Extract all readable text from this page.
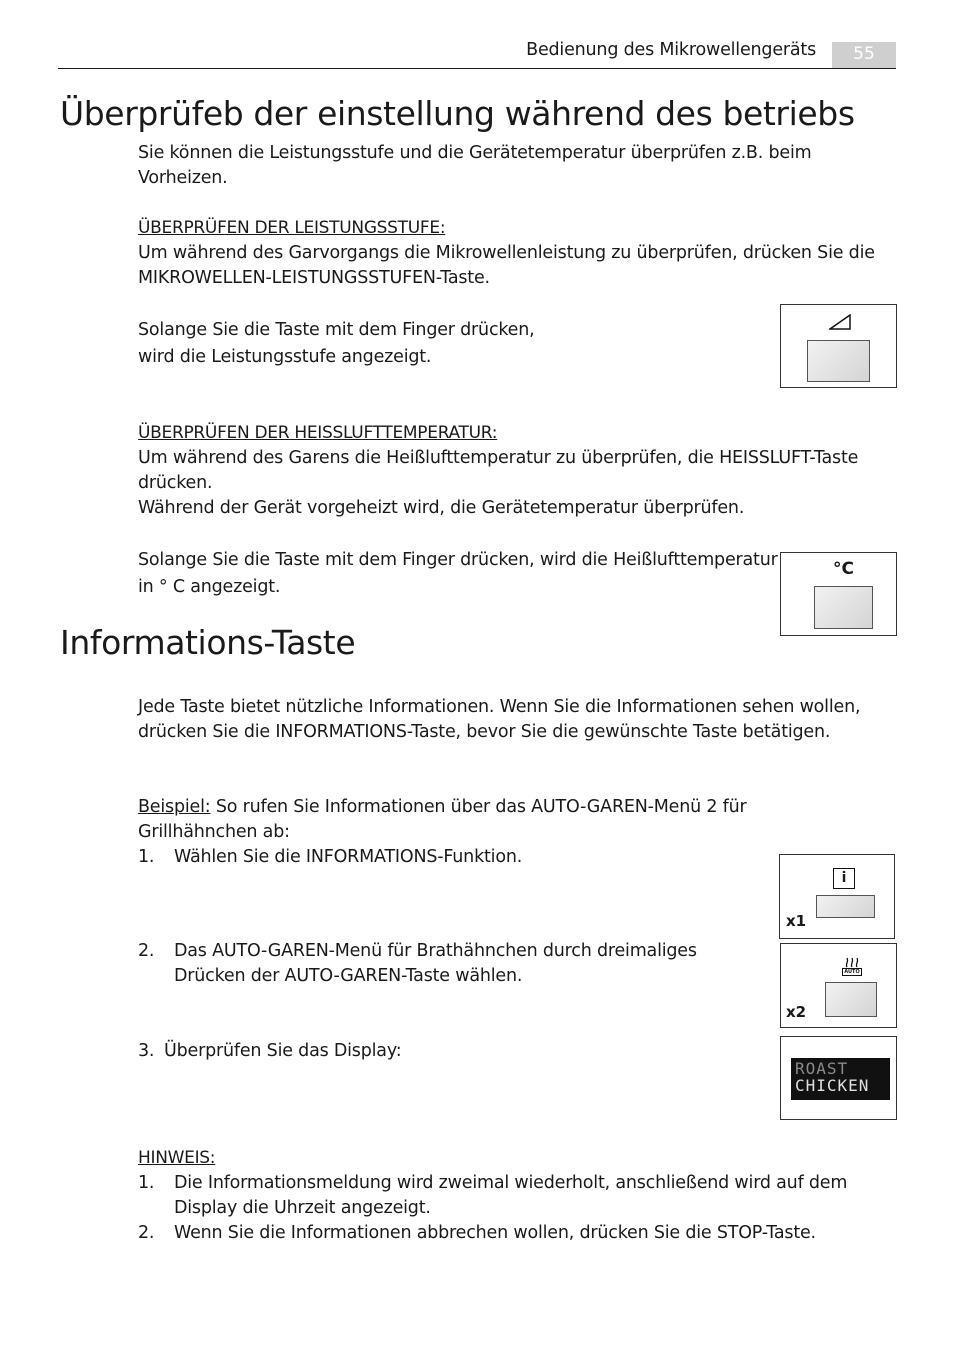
Bedienung des Mikrowellengeräts	55
Überprüfeb der einstellung während des betriebs
Sie können die Leistungsstufe und die Gerätetemperatur überprüfen z.B. beim
Vorheizen.
ÜBERPRÜFEN DER LEISTUNGSSTUFE:
Um während des Garvorgangs die Mikrowellenleistung zu überprüfen, drücken Sie die
MIKROWELLEN-LEISTUNGSSTUFEN-Taste.
Solange Sie die Taste mit dem Finger drücken,
wird die Leistungsstufe angezeigt.
ÜBERPRÜFEN DER HEISSLUFTTEMPERATUR:
Um während des Garens die Heißlufttemperatur zu überprüfen, die HEISSLUFT-Taste
drücken.
Während der Gerät vorgeheizt wird, die Gerätetemperatur überprüfen.
Solange Sie die Taste mit dem Finger drücken, wird die Heißlufttemperatur
in ° C angezeigt.
°C
Informations-Taste
Jede Taste bietet nützliche Informationen. Wenn Sie die Informationen sehen wollen,
drücken Sie die INFORMATIONS-Taste, bevor Sie die gewünschte Taste betätigen.
Beispiel: So rufen Sie Informationen über das AUTO-GAREN-Menü 2 für
Grillhähnchen ab:
1. Wählen Sie die INFORMATIONS-Funktion.
2. Das AUTO-GAREN-Menü für Brathähnchen durch dreimaliges
Drücken der AUTO-GAREN-Taste wählen.
3. Überprüfen Sie das Display:
i
x1
AUTO
x2
ROAST
CHICKEN
HINWEIS:
1. Die Informationsmeldung wird zweimal wiederholt, anschließend wird auf dem
Display die Uhrzeit angezeigt.
2. Wenn Sie die Informationen abbrechen wollen, drücken Sie die STOP-Taste.
